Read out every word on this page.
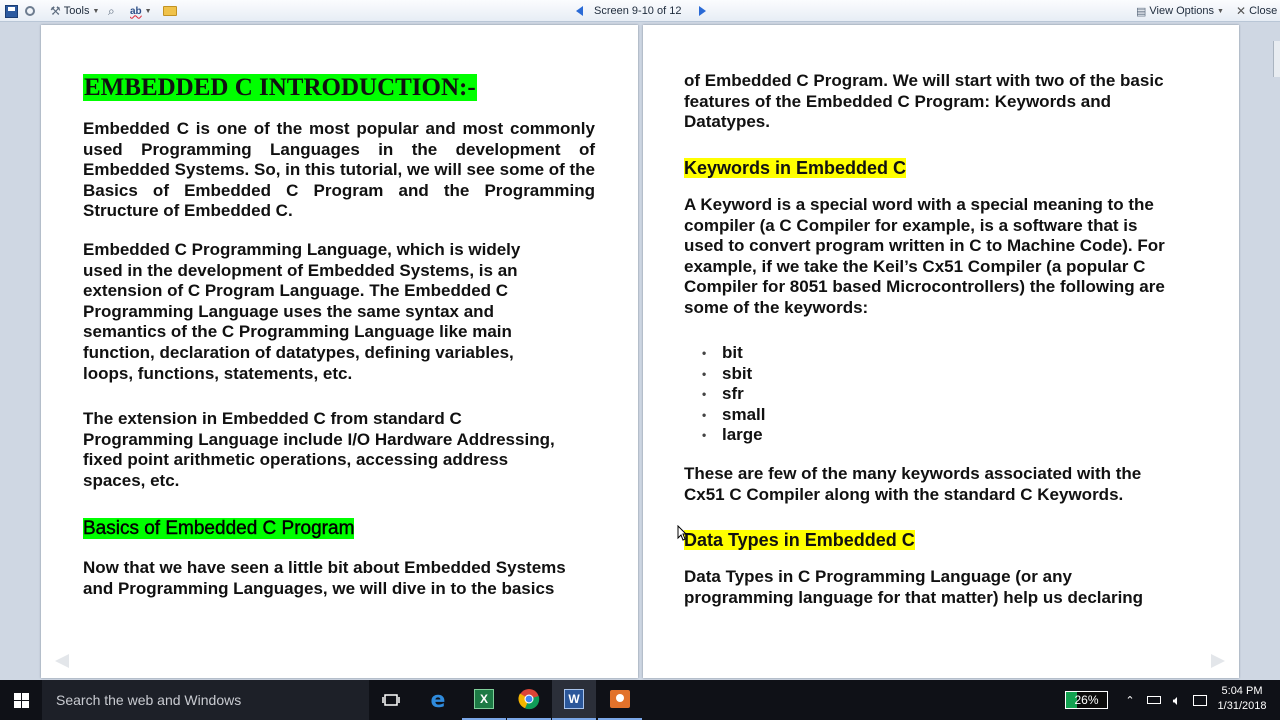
⚒ Tools ▼ ⌕ ab ▼	Screen 9-10 of 12	▤ View Options ▼ ✕ Close
EMBEDDED C INTRODUCTION:-
Embedded C is one of the most popular and most commonly used Programming Languages in the development of Embedded Systems. So, in this tutorial, we will see some of the Basics of Embedded C Program and the Programming Structure of Embedded C.
Embedded C Programming Language, which is widely
used in the development of Embedded Systems, is an
extension of C Program Language. The Embedded C
Programming Language uses the same syntax and
semantics of the C Programming Language like main
function, declaration of datatypes, defining variables,
loops, functions, statements, etc.
The extension in Embedded C from standard C
Programming Language include I/O Hardware Addressing,
fixed point arithmetic operations, accessing address
spaces, etc.
Basics of Embedded C Program
Now that we have seen a little bit about Embedded Systems
and Programming Languages, we will dive in to the basics
of Embedded C Program. We will start with two of the basic
features of the Embedded C Program: Keywords and
Datatypes.
Keywords in Embedded C
A Keyword is a special word with a special meaning to the
compiler (a C Compiler for example, is a software that is
used to convert program written in C to Machine Code). For
example, if we take the Keil’s Cx51 Compiler (a popular C
Compiler for 8051 based Microcontrollers) the following are
some of the keywords:
• bit
• sbit
• sfr
• small
• large
These are few of the many keywords associated with the
Cx51 C Compiler along with the standard C Keywords.
Data Types in Embedded C
Data Types in C Programming Language (or any
programming language for that matter) help us declaring
Search the web and Windows	e	X	W	26% ⌃	🔈︎
5:04 PM
1/31/2018
